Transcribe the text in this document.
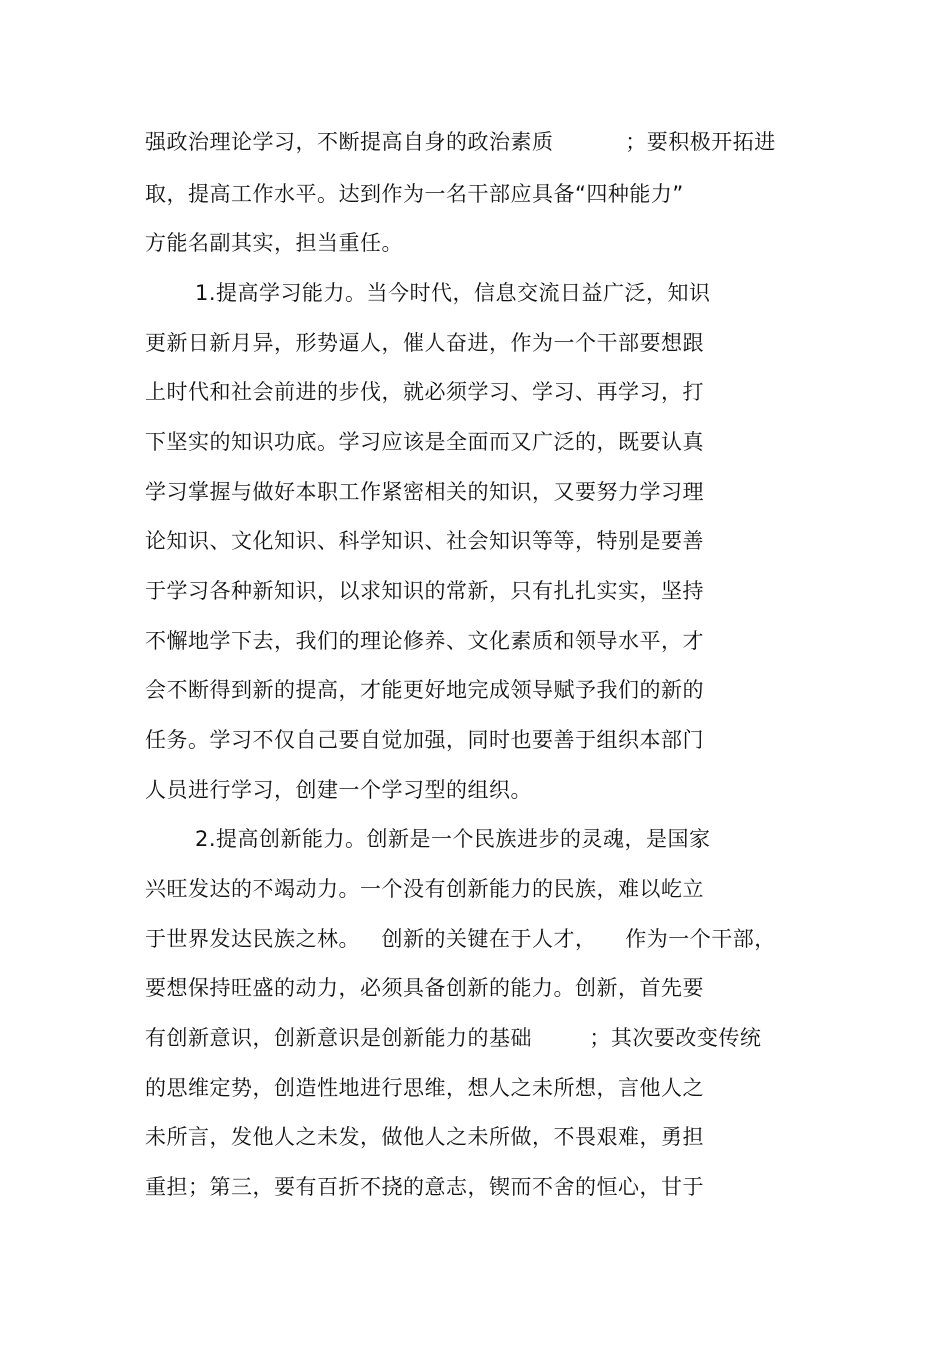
强政治理论学习，不断提高自身的政治素质          ；要积极开拓进
取，提高工作水平。达到作为一名干部应具备“四种能力”
方能名副其实，担当重任。
1.提高学习能力。当今时代，信息交流日益广泛，知识
更新日新月异，形势逼人，催人奋进，作为一个干部要想跟
上时代和社会前进的步伐，就必须学习、学习、再学习，打
下坚实的知识功底。学习应该是全面而又广泛的，既要认真
学习掌握与做好本职工作紧密相关的知识，又要努力学习理
论知识、文化知识、科学知识、社会知识等等，特别是要善
于学习各种新知识，以求知识的常新，只有扎扎实实，坚持
不懈地学下去，我们的理论修养、文化素质和领导水平，才
会不断得到新的提高，才能更好地完成领导赋予我们的新的
任务。学习不仅自己要自觉加强，同时也要善于组织本部门
人员进行学习，创建一个学习型的组织。
2.提高创新能力。创新是一个民族进步的灵魂，是国家
兴旺发达的不竭动力。一个没有创新能力的民族，难以屹立
于世界发达民族之林。   创新的关键在于人才，    作为一个干部，
要想保持旺盛的动力，必须具备创新的能力。创新，首先要
有创新意识，创新意识是创新能力的基础        ；其次要改变传统
的思维定势，创造性地进行思维，想人之未所想，言他人之
未所言，发他人之未发，做他人之未所做，不畏艰难，勇担
重担；第三，要有百折不挠的意志，锲而不舍的恒心，甘于
